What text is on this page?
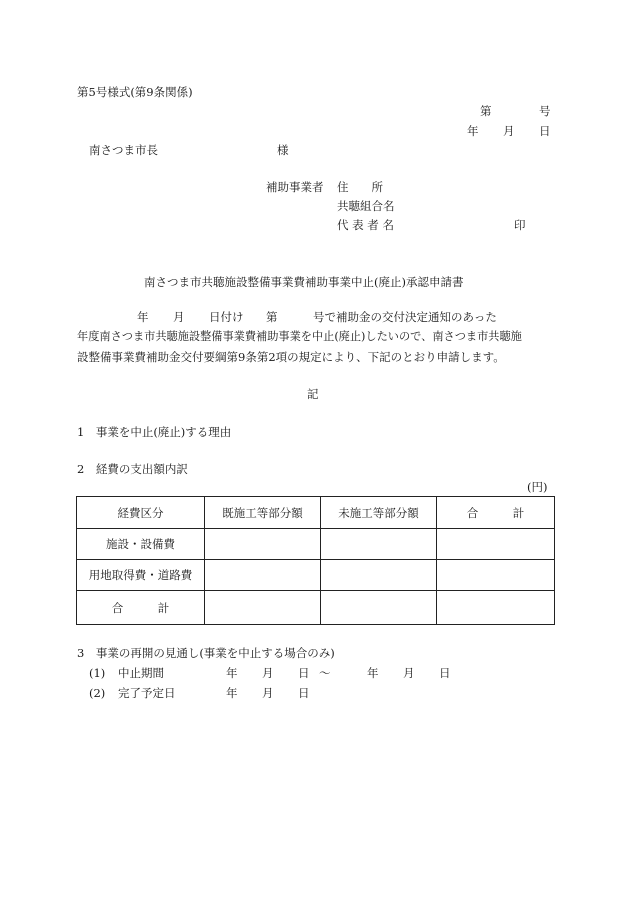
第5号様式(第9条関係)
第	号
年 月 日
南さつま市長	様
補助事業者 住　　所
共聴組合名
代 表 者 名	印
南さつま市共聴施設整備事業費補助事業中止(廃止)承認申請書
年 月 日付け 第	号で補助金の交付決定通知のあった
年度南さつま市共聴施設整備事業費補助事業を中止(廃止)したいので、南さつま市共聴施
設整備事業費補助金交付要綱第9条第2項の規定により、下記のとおり申請します。
記
1　事業を中止(廃止)する理由
2　経費の支出額内訳
(円)
経費区分	既施工等部分額	未施工等部分額	合　　　計
施設・設備費			
用地取得費・道路費			
合　　　計			
3　事業の再開の見通し(事業を中止する場合のみ)
(1) 中止期間	年 月 日 ～	年 月 日
(2) 完了予定日	年 月 日
